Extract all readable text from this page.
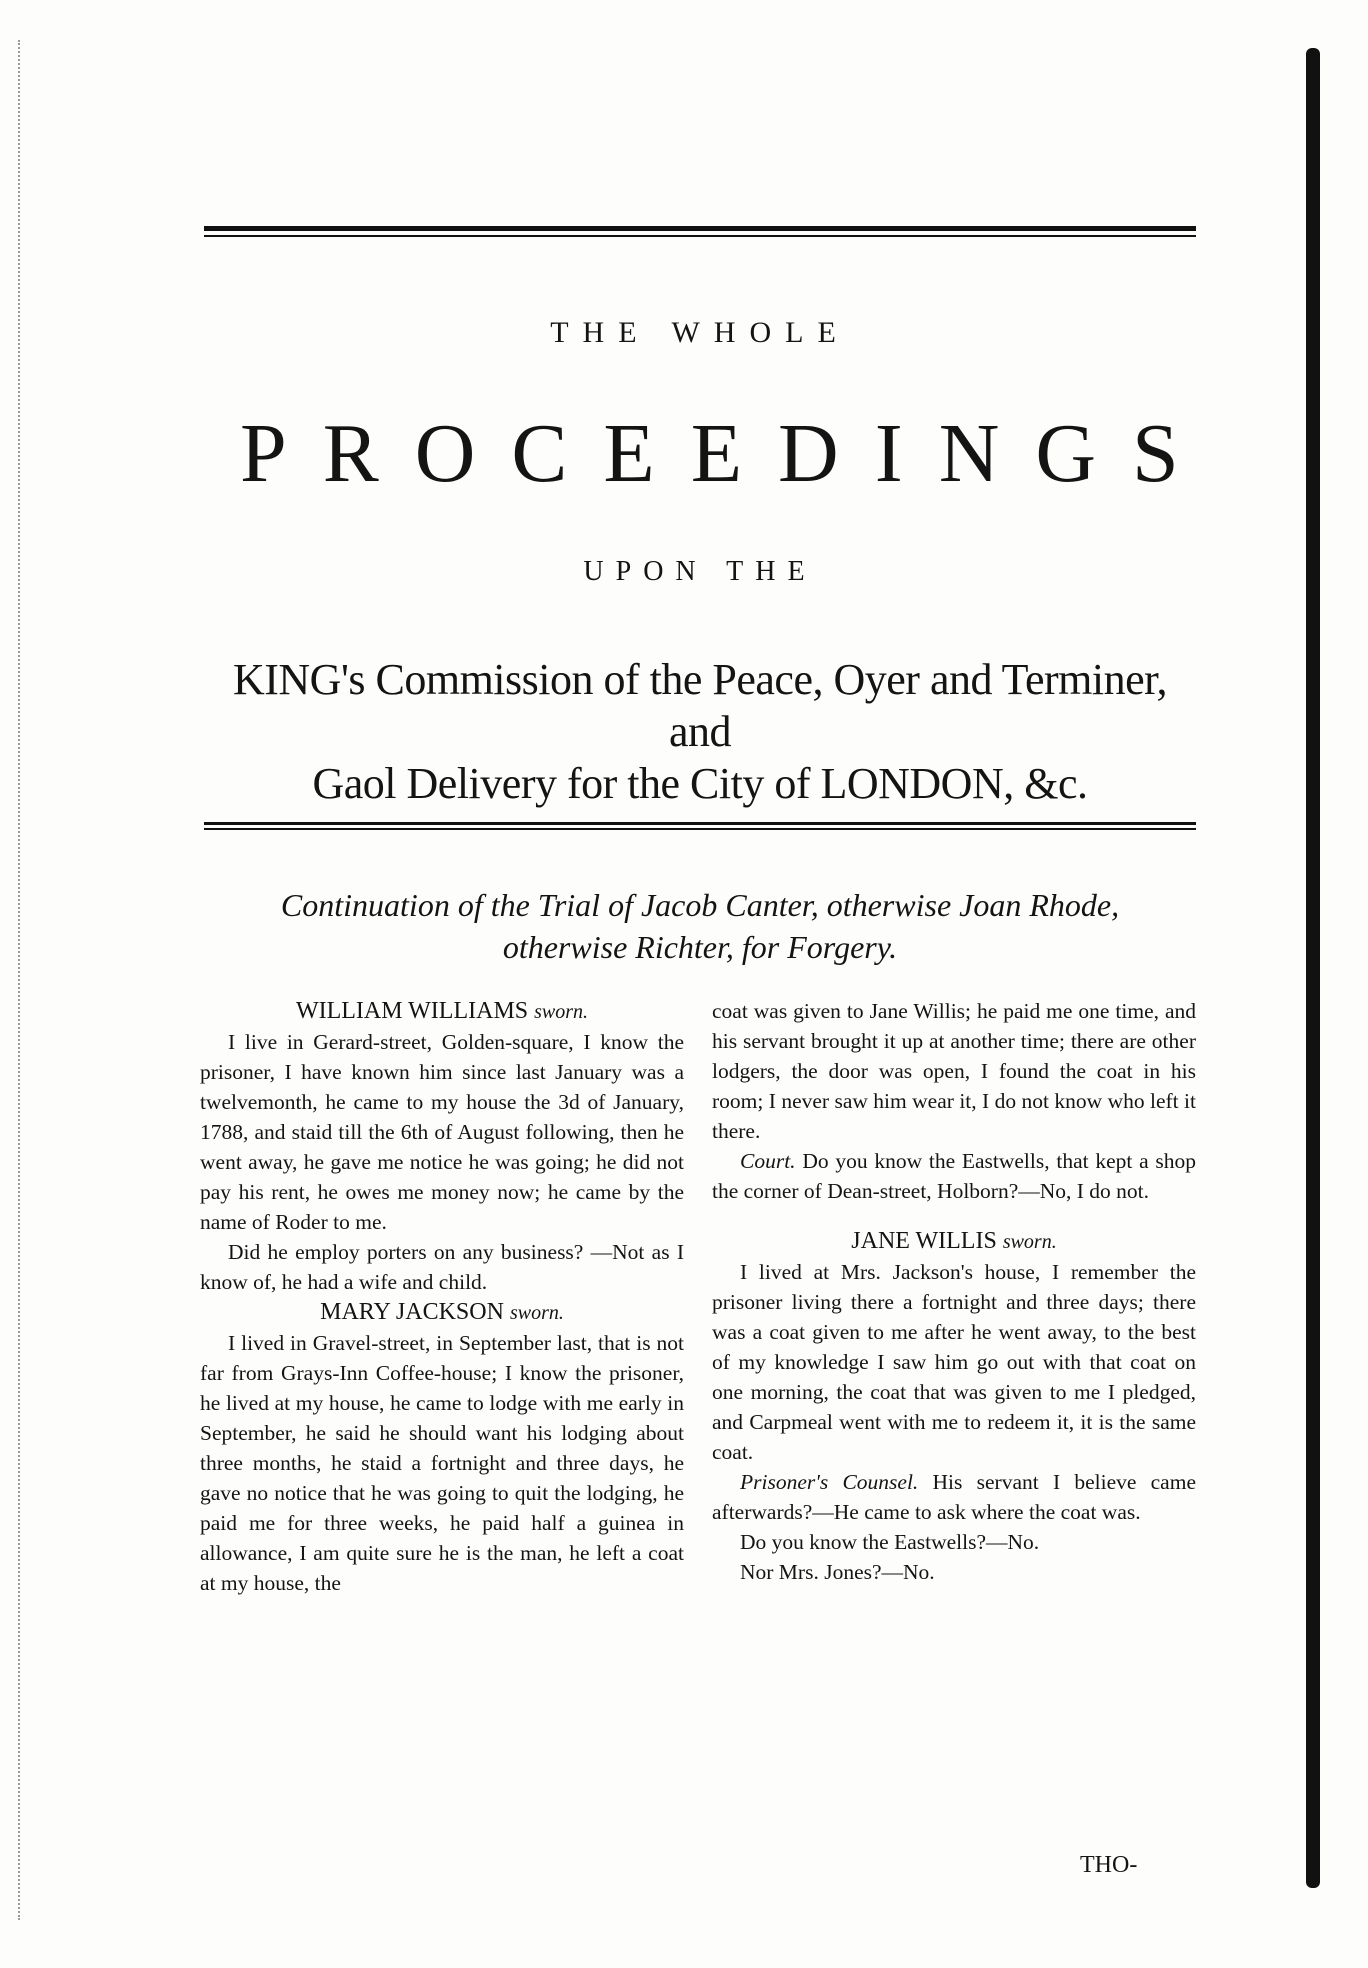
THE WHOLE
PROCEEDINGS
UPON THE
KING's Commission of the Peace, Oyer and Terminer, and
Gaol Delivery for the City of LONDON, &c.
Continuation of the Trial of Jacob Canter, otherwise Joan Rhode,
otherwise Richter, for Forgery.
WILLIAM WILLIAMS sworn.

I live in Gerard-street, Golden-square, I know the prisoner, I have known him since last January was a twelvemonth, he came to my house the 3d of January, 1788, and staid till the 6th of August following, then he went away, he gave me notice he was going; he did not pay his rent, he owes me money now; he came by the name of Roder to me.

Did he employ porters on any business? —Not as I know of, he had a wife and child.

MARY JACKSON sworn.

I lived in Gravel-street, in September last, that is not far from Grays-Inn Coffee-house; I know the prisoner, he lived at my house, he came to lodge with me early in September, he said he should want his lodging about three months, he staid a fortnight and three days, he gave no notice that he was going to quit the lodging, he paid me for three weeks, he paid half a guinea in allowance, I am quite sure he is the man, he left a coat at my house, the

coat was given to Jane Willis; he paid me one time, and his servant brought it up at another time; there are other lodgers, the door was open, I found the coat in his room; I never saw him wear it, I do not know who left it there.

Court. Do you know the Eastwells, that kept a shop the corner of Dean-street, Holborn?—No, I do not.

JANE WILLIS sworn.

I lived at Mrs. Jackson's house, I remember the prisoner living there a fortnight and three days; there was a coat given to me after he went away, to the best of my knowledge I saw him go out with that coat on one morning, the coat that was given to me I pledged, and Carpmeal went with me to redeem it, it is the same coat.

Prisoner's Counsel. His servant I believe came afterwards?—He came to ask where the coat was.

Do you know the Eastwells?—No.

Nor Mrs. Jones?—No.

THO-
